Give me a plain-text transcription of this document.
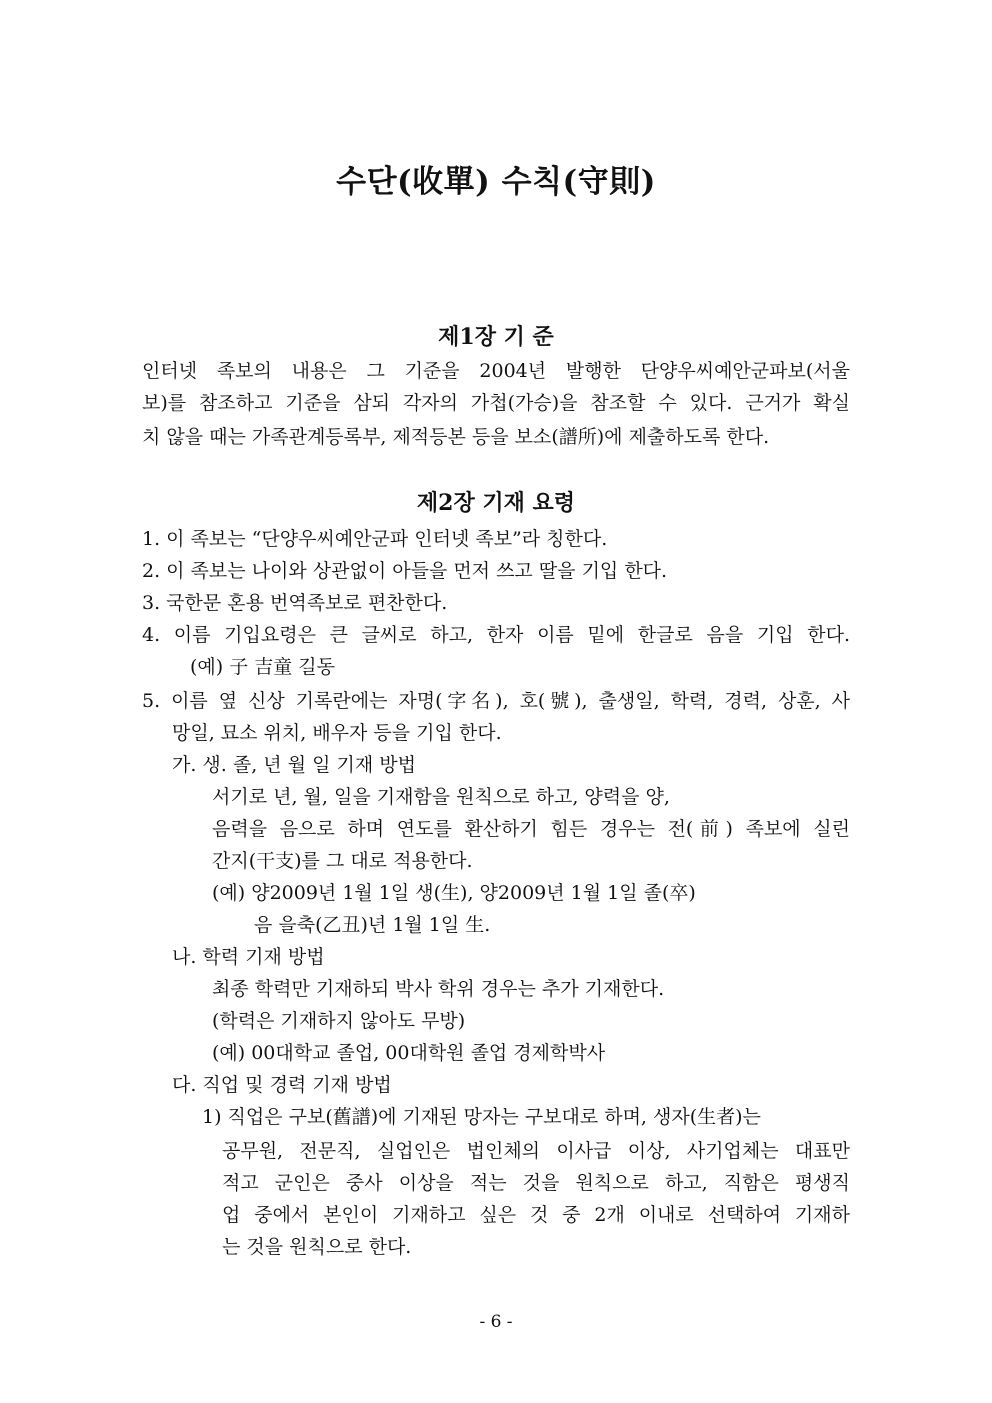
수단(收單) 수칙(守則)
제1장 기 준
인터넷 족보의 내용은 그 기준을 2004년 발행한 단양우씨예안군파보(서울
보)를 참조하고 기준을 삼되 각자의 가첩(가승)을 참조할 수 있다. 근거가 확실
치 않을 때는 가족관계등록부, 제적등본 등을 보소(譜所)에 제출하도록 한다.
제2장 기재 요령
1. 이 족보는 “단양우씨예안군파 인터넷 족보”라 칭한다.
2. 이 족보는 나이와 상관없이 아들을 먼저 쓰고 딸을 기입 한다.
3. 국한문 혼용 번역족보로 편찬한다.
4. 이름 기입요령은 큰 글씨로 하고, 한자 이름 밑에 한글로 음을 기입 한다.
(예) 子 吉童 길동
5. 이름 옆 신상 기록란에는 자명(字名), 호(號), 출생일, 학력, 경력, 상훈, 사
망일, 묘소 위치, 배우자 등을 기입 한다.
가. 생. 졸, 년 월 일 기재 방법
서기로 년, 월, 일을 기재함을 원칙으로 하고, 양력을 양,
음력을 음으로 하며 연도를 환산하기 힘든 경우는 전(前) 족보에 실린
간지(干支)를 그 대로 적용한다.
(예) 양2009년 1월 1일 생(生), 양2009년 1월 1일 졸(卒)
음 을축(乙丑)년 1월 1일 生.
나. 학력 기재 방법
최종 학력만 기재하되 박사 학위 경우는 추가 기재한다.
(학력은 기재하지 않아도 무방)
(예) 00대학교 졸업, 00대학원 졸업 경제학박사
다. 직업 및 경력 기재 방법
1) 직업은 구보(舊譜)에 기재된 망자는 구보대로 하며, 생자(生者)는
공무원, 전문직, 실업인은 법인체의 이사급 이상, 사기업체는 대표만
적고 군인은 중사 이상을 적는 것을 원칙으로 하고, 직함은 평생직
업 중에서 본인이 기재하고 싶은 것 중 2개 이내로 선택하여 기재하
는 것을 원칙으로 한다.
- 6 -
